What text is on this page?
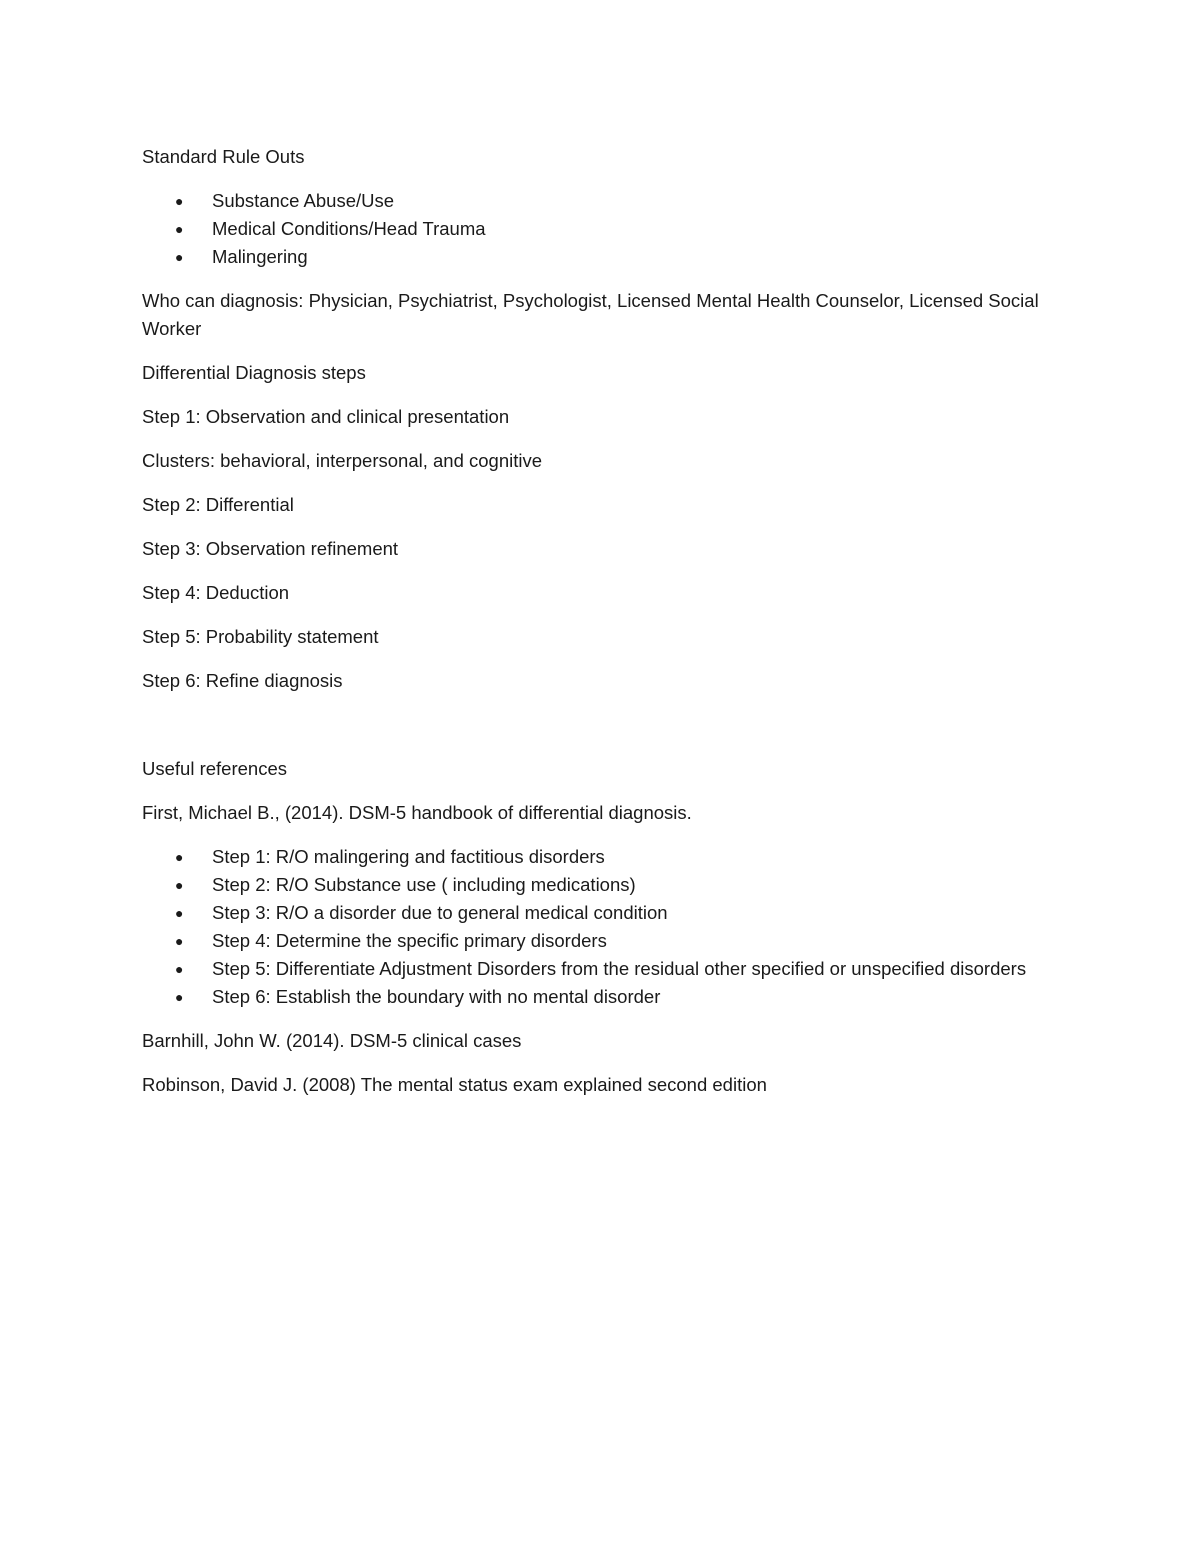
Standard Rule Outs

● Substance Abuse/Use
● Medical Conditions/Head Trauma
● Malingering

Who can diagnosis: Physician, Psychiatrist, Psychologist, Licensed Mental Health Counselor, Licensed Social Worker

Differential Diagnosis steps

Step 1: Observation and clinical presentation

Clusters: behavioral, interpersonal, and cognitive

Step 2: Differential

Step 3: Observation refinement

Step 4: Deduction

Step 5: Probability statement

Step 6: Refine diagnosis

Useful references

First, Michael B., (2014). DSM-5 handbook of differential diagnosis.

● Step 1: R/O malingering and factitious disorders
● Step 2: R/O Substance use ( including medications)
● Step 3: R/O a disorder due to general medical condition
● Step 4: Determine the specific primary disorders
● Step 5: Differentiate Adjustment Disorders from the residual other specified or unspecified disorders
● Step 6: Establish the boundary with no mental disorder

Barnhill, John W. (2014). DSM-5 clinical cases

Robinson, David J. (2008) The mental status exam explained second edition
